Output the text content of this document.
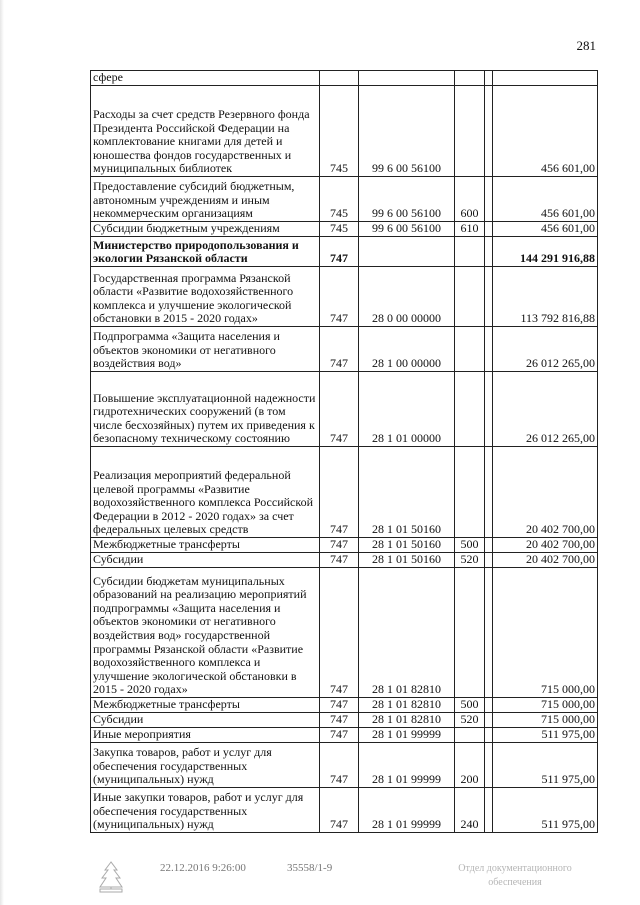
281
сфере					
Расходы за счет средств Резервного фонда Президента Российской Федерации на комплектование книгами для детей и юношества фондов государственных и муниципальных библиотек	745	99 6 00 56100			456 601,00
Предоставление субсидий бюджетным, автономным учреждениям и иным некоммерческим организациям	745	99 6 00 56100	600		456 601,00
Субсидии бюджетным учреждениям	745	99 6 00 56100	610		456 601,00
Министерство природопользования и экологии Рязанской области	747				144 291 916,88
Государственная программа Рязанской области «Развитие водохозяйственного комплекса и улучшение экологической обстановки в 2015 - 2020 годах»	747	28 0 00 00000			113 792 816,88
Подпрограмма «Защита населения и объектов экономики от негативного воздействия вод»	747	28 1 00 00000			26 012 265,00
Повышение эксплуатационной надежности гидротехнических сооружений (в том числе бесхозяйных) путем их приведения к безопасному техническому состоянию	747	28 1 01 00000			26 012 265,00
Реализация мероприятий федеральной целевой программы «Развитие водохозяйственного комплекса Российской Федерации в 2012 - 2020 годах» за счет федеральных целевых средств	747	28 1 01 50160			20 402 700,00
Межбюджетные трансферты	747	28 1 01 50160	500		20 402 700,00
Субсидии	747	28 1 01 50160	520		20 402 700,00
Субсидии бюджетам муниципальных образований на реализацию мероприятий подпрограммы «Защита населения и объектов экономики от негативного воздействия вод» государственной программы Рязанской области «Развитие водохозяйственного комплекса и улучшение экологической обстановки в 2015 - 2020 годах»	747	28 1 01 82810			715 000,00
Межбюджетные трансферты	747	28 1 01 82810	500		715 000,00
Субсидии	747	28 1 01 82810	520		715 000,00
Иные мероприятия	747	28 1 01 99999			511 975,00
Закупка товаров, работ и услуг для обеспечения государственных (муниципальных) нужд	747	28 1 01 99999	200		511 975,00
Иные закупки товаров, работ и услуг для обеспечения государственных (муниципальных) нужд	747	28 1 01 99999	240		511 975,00
22.12.2016 9:26:00	35558/1-9	Отдел документационного
обеспечения
